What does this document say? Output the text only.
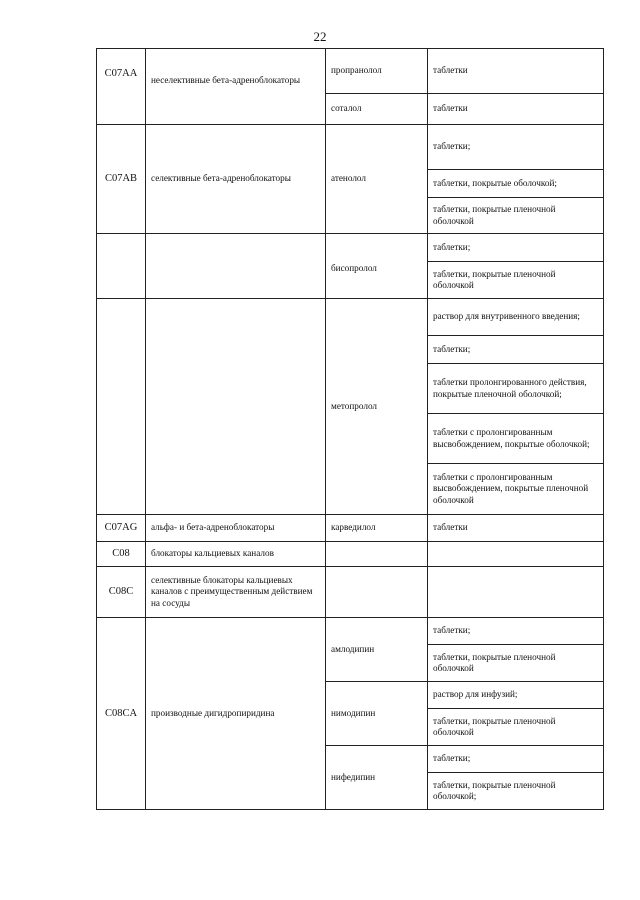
22
C07AA	неселективные бета-адреноблокаторы	пропранолол	таблетки
		соталол	таблетки
C07AB	селективные бета-адреноблокаторы	атенолол	таблетки;
			таблетки, покрытые оболочкой;
			таблетки, покрытые пленочной оболочкой
		бисопролол	таблетки;
			таблетки, покрытые пленочной оболочкой
		метопролол	раствор для внутривенного введения;
			таблетки;
			таблетки пролонгированного действия, покрытые пленочной оболочкой;
			таблетки с пролонгированным высвобождением, покрытые оболочкой;
			таблетки с пролонгированным высвобождением, покрытые пленочной оболочкой
C07AG	альфа- и бета-адреноблокаторы	карведилол	таблетки
C08	блокаторы кальциевых каналов		
C08C	селективные блокаторы кальциевых каналов с преимущественным действием на сосуды		
C08CA	производные дигидропиридина	амлодипин	таблетки;
			таблетки, покрытые пленочной оболочкой
		нимодипин	раствор для инфузий;
			таблетки, покрытые пленочной оболочкой
		нифедипин	таблетки;
			таблетки, покрытые пленочной оболочкой;
